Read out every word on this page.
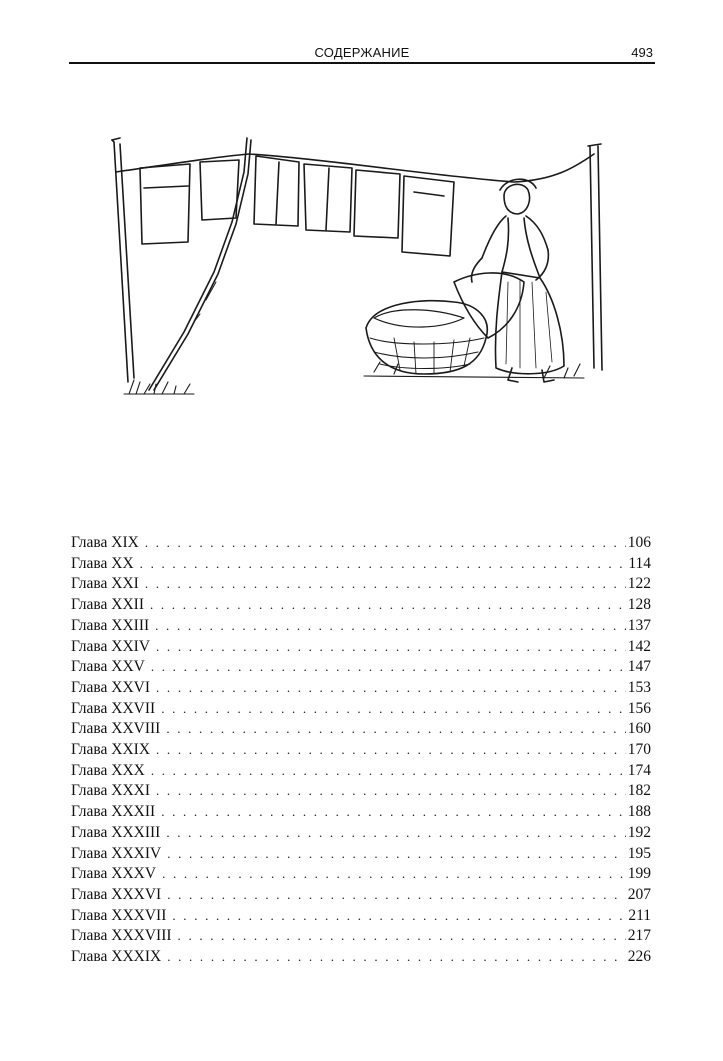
СОДЕРЖАНИЕ	493
Глава XIX . . .	106
Глава XX . . .	114
Глава XXI . . .	122
Глава XXII . . .	128
Глава XXIII . . .	137
Глава XXIV . . .	142
Глава XXV . . .	147
Глава XXVI . . .	153
Глава XXVII . . .	156
Глава XXVIII . . .	160
Глава XXIX . . .	170
Глава XXX . . .	174
Глава XXXI . . .	182
Глава XXXII . . .	188
Глава XXXIII . . .	192
Глава XXXIV . . .	195
Глава XXXV . . .	199
Глава XXXVI . . .	207
Глава XXXVII . . .	211
Глава XXXVIII . . .	217
Глава XXXIX . . .	226
